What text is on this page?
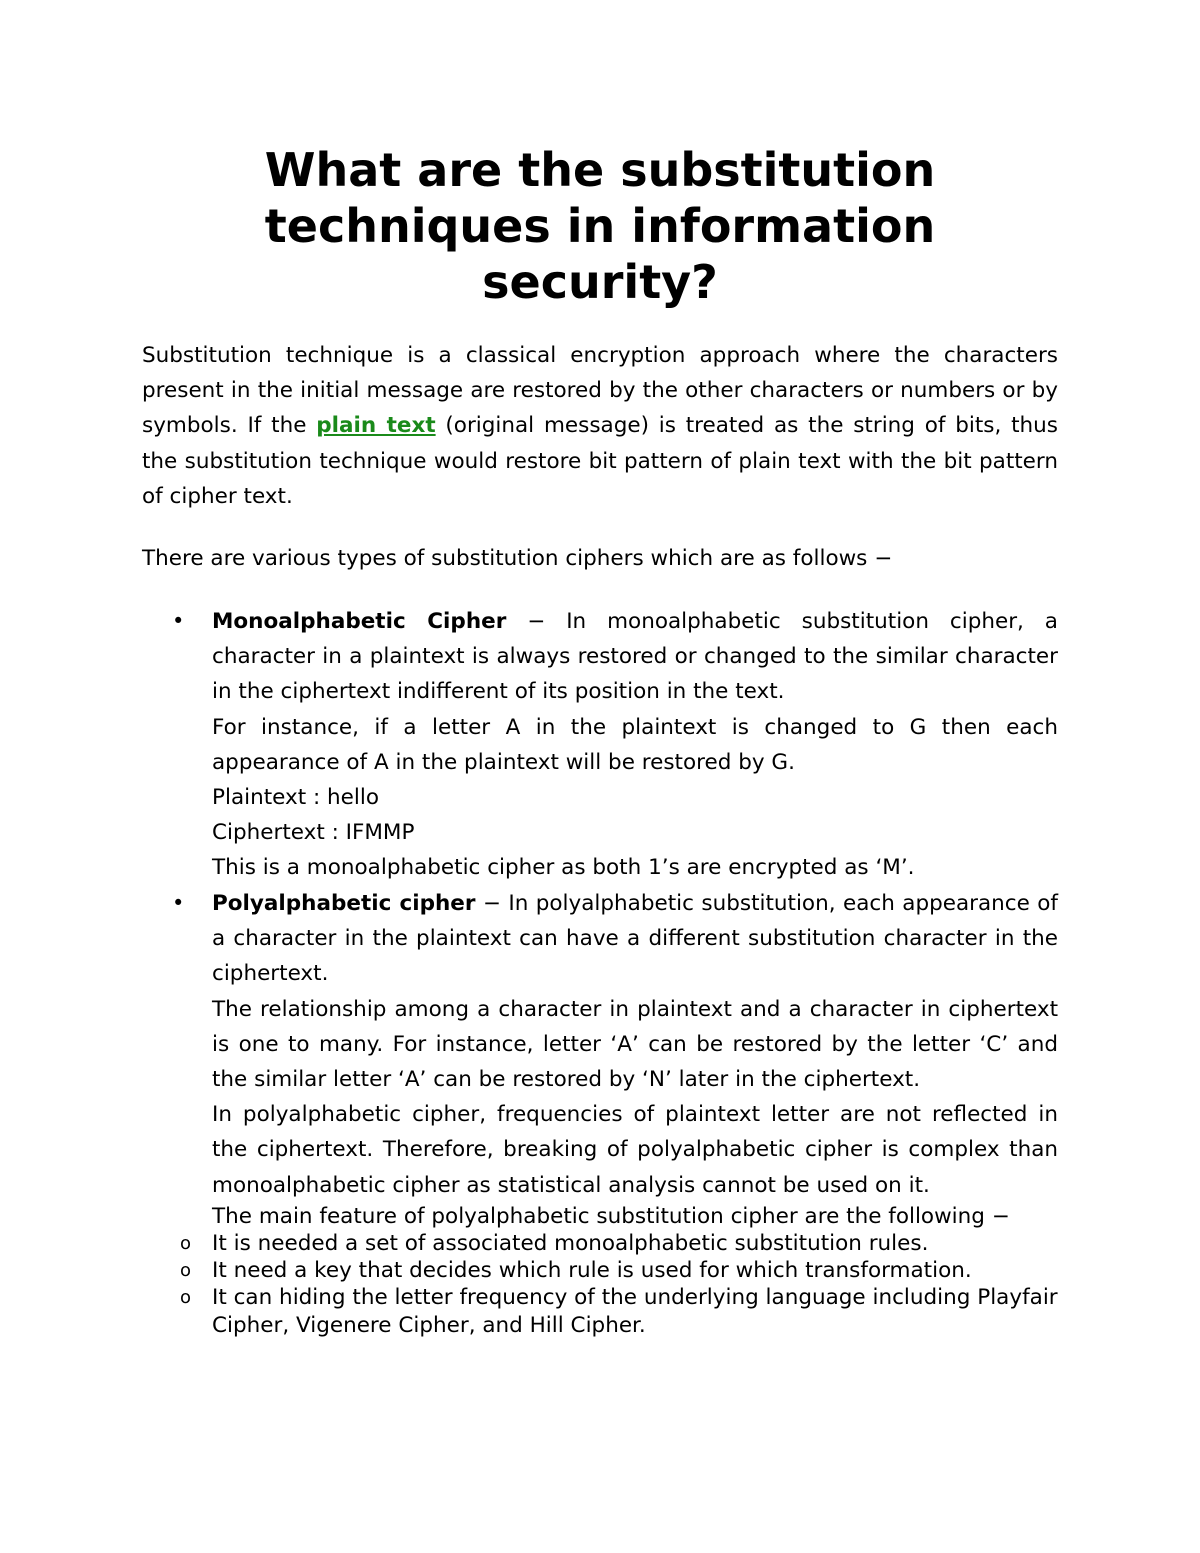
What are the substitution techniques in information security?

Substitution technique is a classical encryption approach where the characters present in the initial message are restored by the other characters or numbers or by symbols. If the plain text (original message) is treated as the string of bits, thus the substitution technique would restore bit pattern of plain text with the bit pattern of cipher text.

There are various types of substitution ciphers which are as follows −

• Monoalphabetic Cipher − In monoalphabetic substitution cipher, a character in a plaintext is always restored or changed to the similar character in the ciphertext indifferent of its position in the text.

For instance, if a letter A in the plaintext is changed to G then each appearance of A in the plaintext will be restored by G.

Plaintext : hello

Ciphertext : IFMMP

This is a monoalphabetic cipher as both 1’s are encrypted as ‘M’.

• Polyalphabetic cipher − In polyalphabetic substitution, each appearance of a character in the plaintext can have a different substitution character in the ciphertext.

The relationship among a character in plaintext and a character in ciphertext is one to many. For instance, letter ‘A’ can be restored by the letter ‘C’ and the similar letter ‘A’ can be restored by ‘N’ later in the ciphertext.

In polyalphabetic cipher, frequencies of plaintext letter are not reflected in the ciphertext. Therefore, breaking of polyalphabetic cipher is complex than monoalphabetic cipher as statistical analysis cannot be used on it.

The main feature of polyalphabetic substitution cipher are the following −

o It is needed a set of associated monoalphabetic substitution rules.
o It need a key that decides which rule is used for which transformation.
o It can hiding the letter frequency of the underlying language including Playfair Cipher, Vigenere Cipher, and Hill Cipher.
